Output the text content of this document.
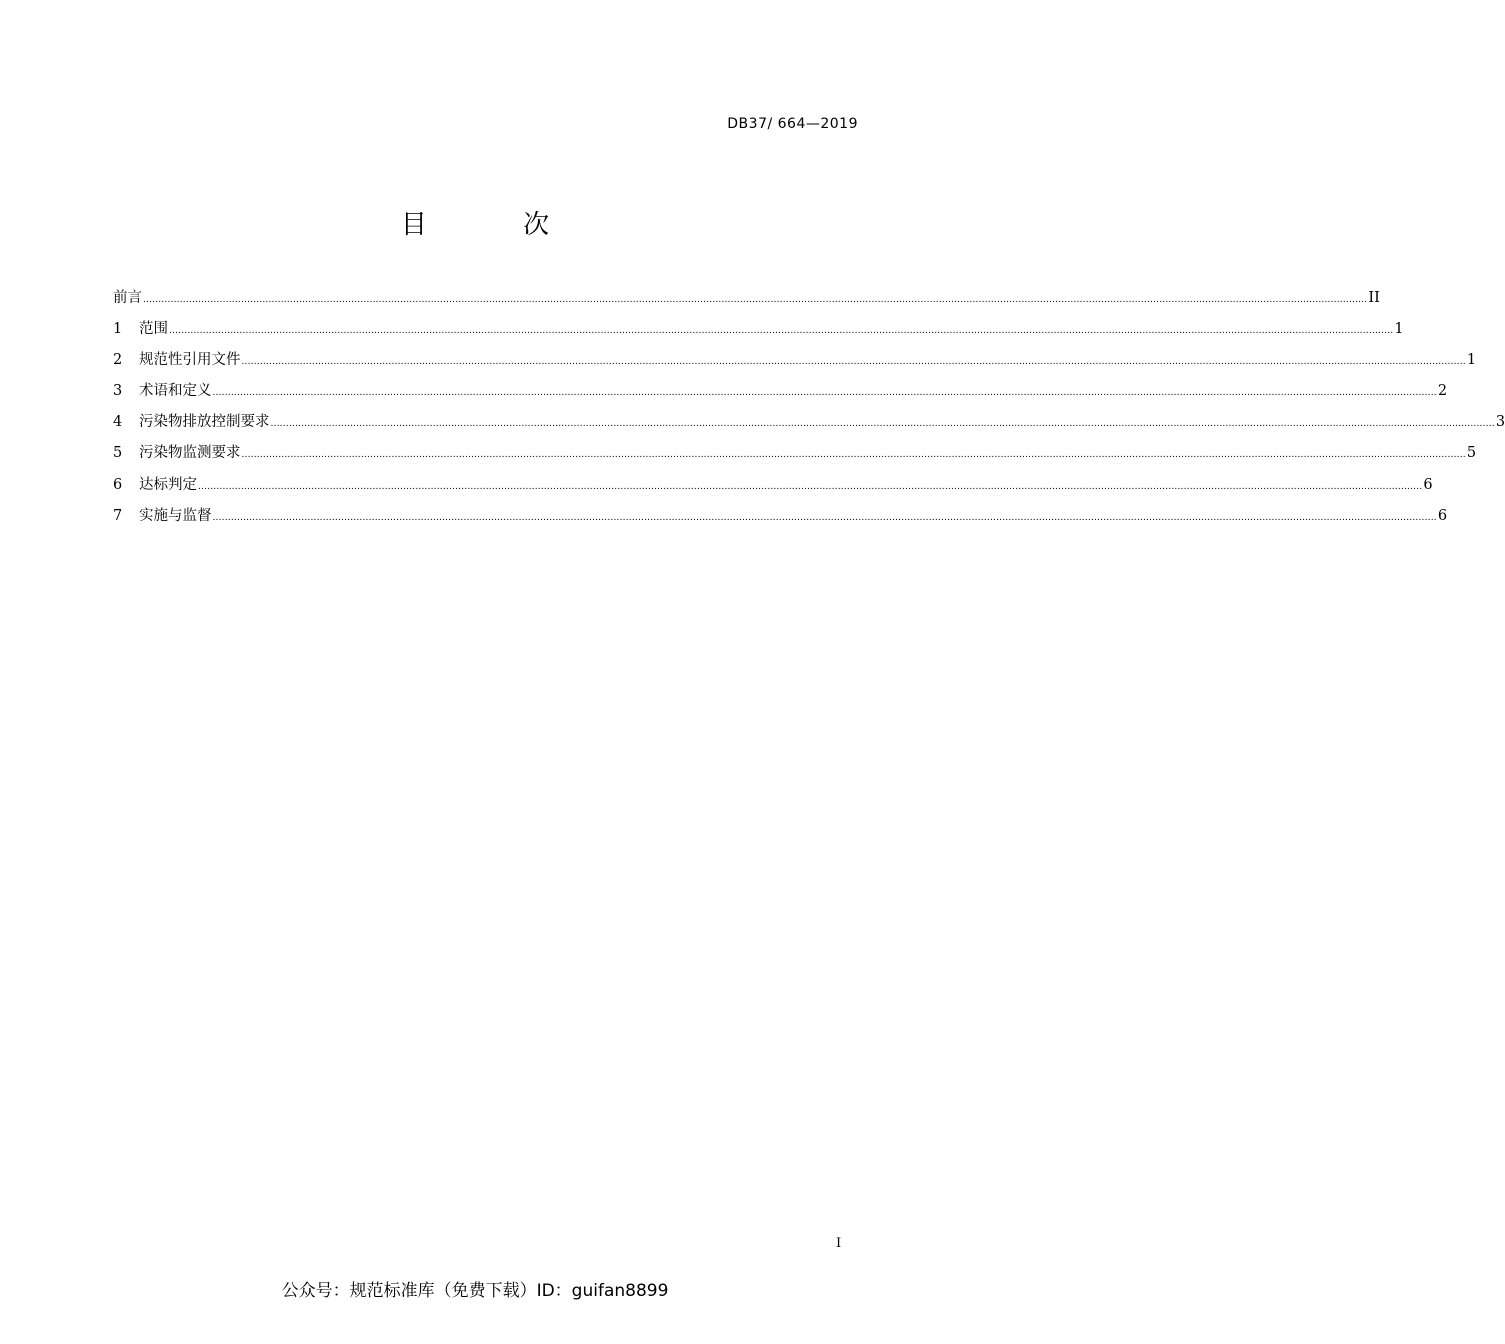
DB37/ 664—2019
目 次
前言 ................................................................................................................................................................................................................................................................................................................................................................................................................ II
1	范围 ................................................................................................................................................................................................................................................................................................................................................................................................................ 1
2	规范性引用文件 ................................................................................................................................................................................................................................................................................................................................................................................................................ 1
3	术语和定义 ................................................................................................................................................................................................................................................................................................................................................................................................................ 2
4	污染物排放控制要求 ................................................................................................................................................................................................................................................................................................................................................................................................................ 3
5	污染物监测要求 ................................................................................................................................................................................................................................................................................................................................................................................................................ 5
6	达标判定 ................................................................................................................................................................................................................................................................................................................................................................................................................ 6
7	实施与监督 ................................................................................................................................................................................................................................................................................................................................................................................................................ 6
I
公众号：规范标准库（免费下载）ID：guifan8899
